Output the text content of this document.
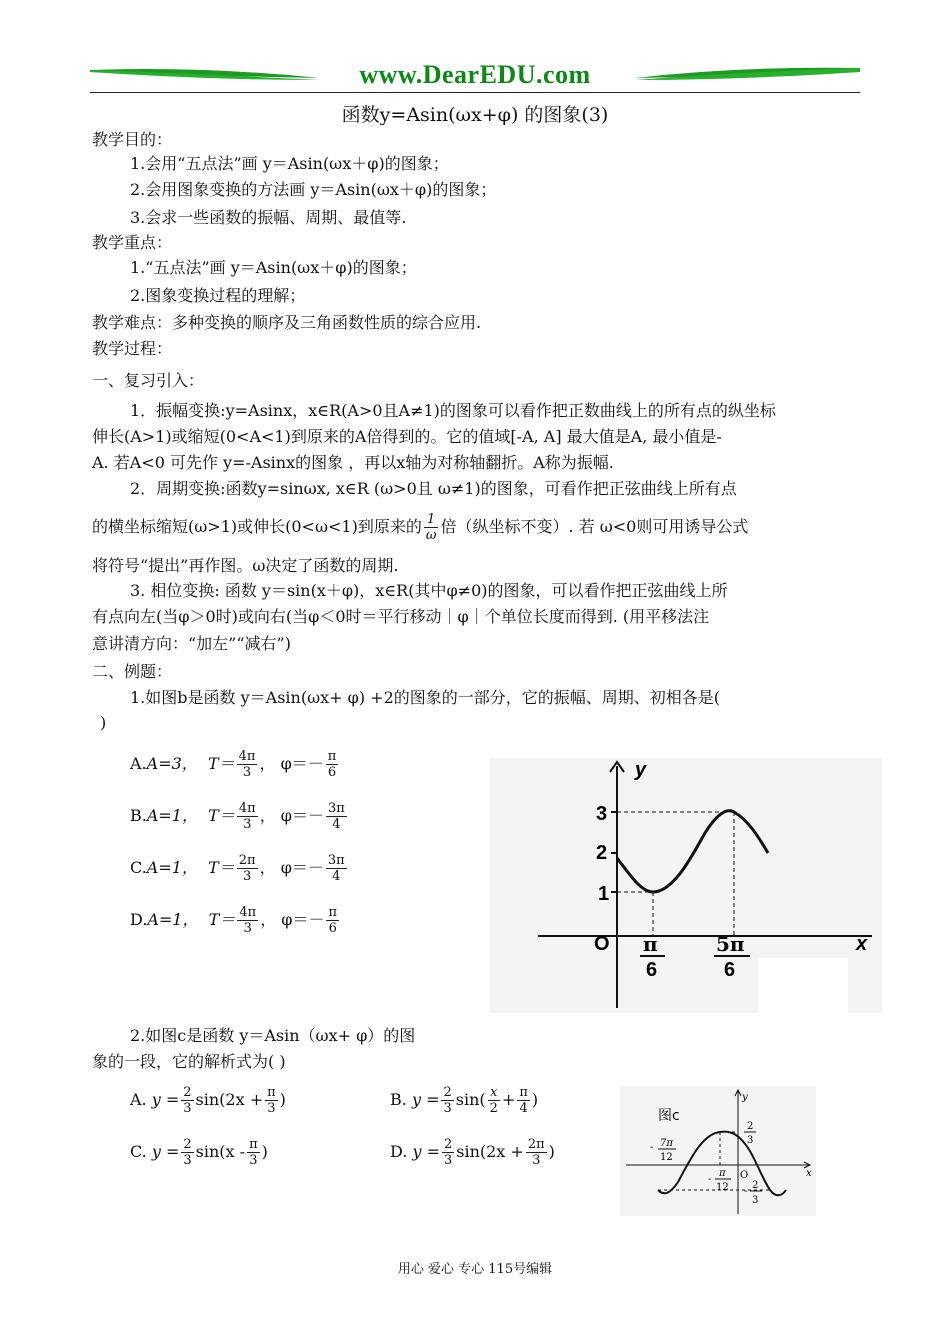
www.DearEDU.com
函数y=Asin(ωx+φ) 的图象(3)
教学目的：
1.会用“五点法”画 y＝Asin(ωx＋φ)的图象；
2.会用图象变换的方法画 y＝Asin(ωx＋φ)的图象；
3.会求一些函数的振幅、周期、最值等.
教学重点：
1.“五点法”画 y＝Asin(ωx＋φ)的图象；
2.图象变换过程的理解；
教学难点：多种变换的顺序及三角函数性质的综合应用.
教学过程：
一、复习引入：
1．振幅变换:y=Asinx，x∈R(A>0且A≠1)的图象可以看作把正数曲线上的所有点的纵坐标
伸长(A>1)或缩短(0<A<1)到原来的A倍得到的。它的值域[-A, A] 最大值是A, 最小值是-
A. 若A<0 可先作 y=-Asinx的图象 ，再以x轴为对称轴翻折。A称为振幅.
2．周期变换:函数y=sinωx, x∈R (ω>0且 ω≠1)的图象，可看作把正弦曲线上所有点
的横坐标缩短(ω>1)或伸长(0<ω<1)到原来的 $\frac{1}{\omega}$ 倍（纵坐标不变）. 若 ω<0则可用诱导公式
将符号“提出”再作图。ω决定了函数的周期.
3. 相位变换: 函数 y＝sin(x＋φ)，x∈R(其中φ≠0)的图象，可以看作把正弦曲线上所
有点向左(当φ＞0时)或向右(当φ＜0时＝平行移动｜φ｜个单位长度而得到. (用平移法注
意讲清方向：“加左”“减右”)
二、例题：
1.如图b是函数 y＝Asin(ωx+ φ) +2的图象的一部分，它的振幅、周期、初相各是(
)
A.A=3， $T= \frac{4\pi}{3}$ ， $\varphi=- \frac{\pi}{6}$
B.A=1， $T= \frac{4\pi}{3}$ ， $\varphi=- \frac{3\pi}{4}$
C.A=1， $T= \frac{2\pi}{3}$ ， $\varphi=- \frac{3\pi}{4}$
D.A=1， $T= \frac{4\pi}{3}$ ， $\varphi=- \frac{\pi}{6}$
y
x
O
3
2
1
π
6
5π
6
2.如图c是函数 y＝Asin（ωx+ φ）的图
象的一段，它的解析式为( )
A. $y = \frac{2}{3} \sin(2x + \frac{\pi}{3}$ )	B. $y = \frac{2}{3} \sin( \frac{x}{2} + \frac{\pi}{4}$ )
C. $y = \frac{2}{3} \sin(x - \frac{\pi}{3}$ )	D. $y = \frac{2}{3} \sin(2x + \frac{2\pi}{3}$ )
图c
y
x
O
2
3
-
2
3
- 7π
12
-
π
12
用心 爱心 专心 115号编辑
